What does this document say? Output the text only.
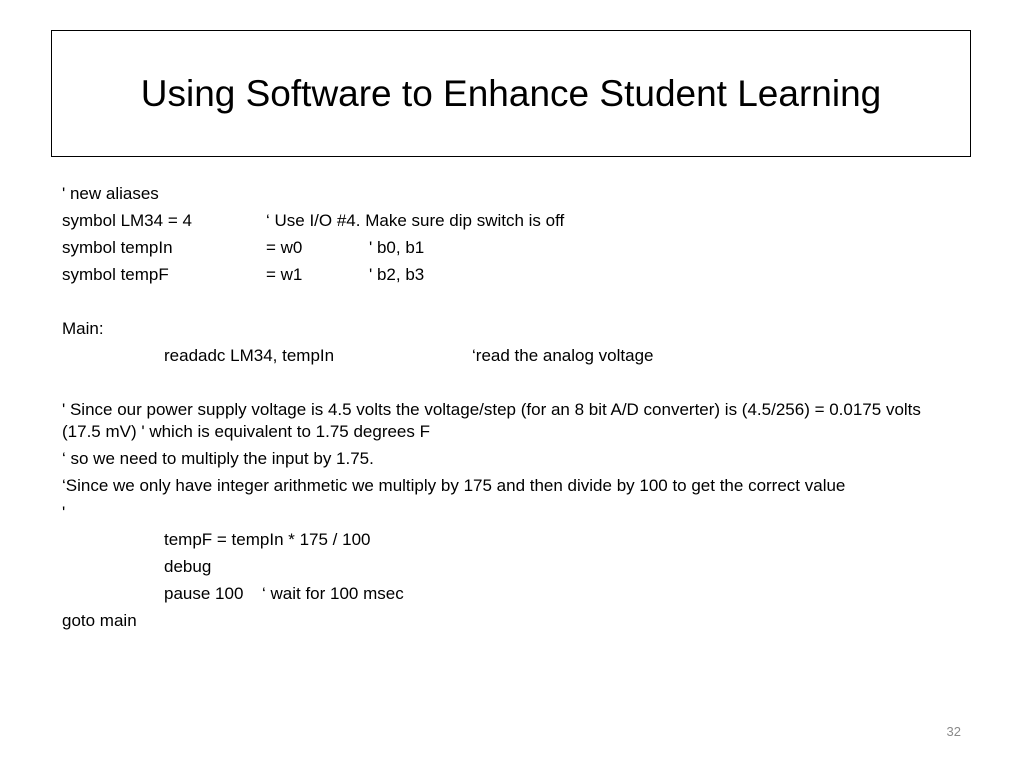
Using Software to Enhance Student Learning
' new aliases
symbol LM34 = 4	‘ Use I/O #4. Make sure dip switch is off
symbol tempIn	= w0	' b0, b1
symbol tempF	= w1	' b2, b3
Main:
readadc LM34, tempIn	‘read the analog voltage

' Since our power supply voltage is 4.5 volts the voltage/step (for an 8 bit A/D converter) is (4.5/256) = 0.0175 volts (17.5 mV) ' which is equivalent to 1.75 degrees F

‘ so we need to multiply the input by 1.75.

‘Since we only have integer arithmetic we multiply by 175 and then divide by 100 to get the correct value

'

tempF = tempIn * 175 / 100
debug
pause 100 ‘ wait for 100 msec
goto main
32
